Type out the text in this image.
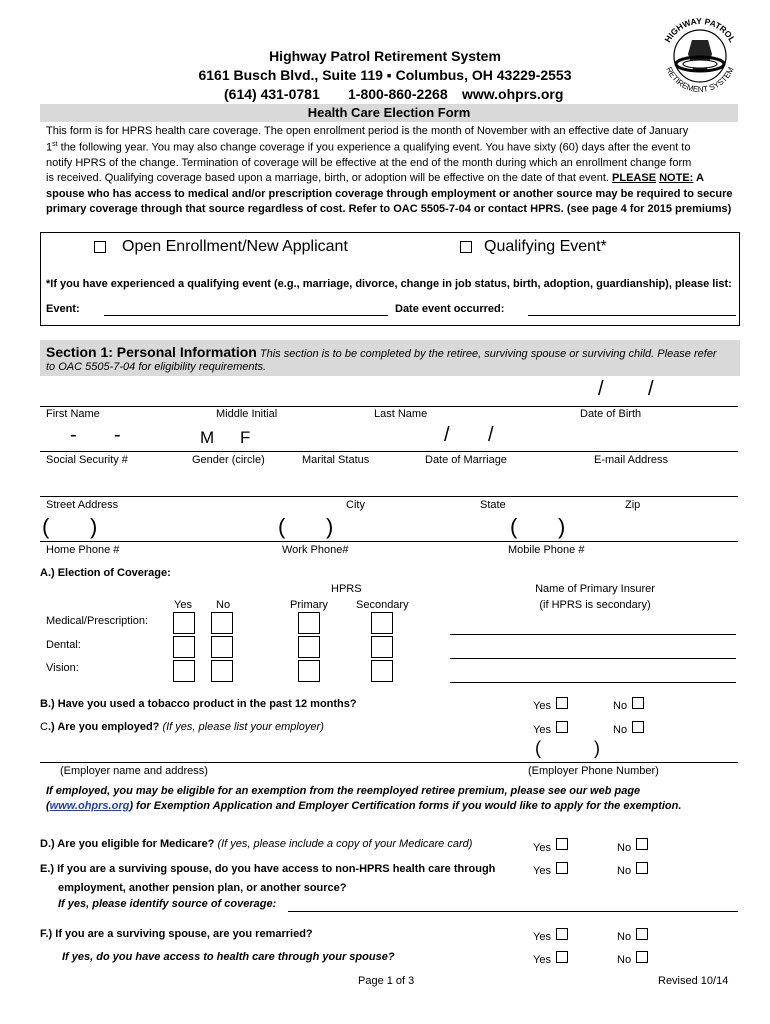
HIGHWAY PATROL
RETIREMENT SYSTEM
Highway Patrol Retirement System
6161 Busch Blvd., Suite 119 ▪ Columbus, OH 43229-2553
(614) 431-0781 1-800-860-2268 www.ohprs.org
Health Care Election Form
This form is for HPRS health care coverage. The open enrollment period is the month of November with an effective date of January
1st the following year. You may also change coverage if you experience a qualifying event. You have sixty (60) days after the event to
notify HPRS of the change. Termination of coverage will be effective at the end of the month during which an enrollment change form
is received. Qualifying coverage based upon a marriage, birth, or adoption will be effective on the date of that event. PLEASE NOTE: A
spouse who has access to medical and/or prescription coverage through employment or another source may be required to secure
primary coverage through that source regardless of cost. Refer to OAC 5505-7-04 or contact HPRS. (see page 4 for 2015 premiums)
Open Enrollment/New Applicant	Qualifying Event*
*If you have experienced a qualifying event (e.g., marriage, divorce, change in job status, birth, adoption, guardianship), please list:
Event:	Date event occurred:
Section 1: Personal Information This section is to be completed by the retiree, surviving spouse or surviving child. Please refer
to OAC 5505-7-04 for eligibility requirements.
/ /
First Name	Middle Initial	Last Name	Date of Birth
- -	M F	/ /
Social Security #	Gender (circle)	Marital Status	Date of Marriage	E-mail Address
Street Address	City	State	Zip
( )	( )	( )
Home Phone #	Work Phone#	Mobile Phone #
A.) Election of Coverage:
HPRS
Yes No	Primary	Secondary
Name of Primary Insurer
(if HPRS is secondary)
Medical/Prescription:
Dental:
Vision:
B.) Have you used a tobacco product in the past 12 months?	Yes	No
C.) Are you employed? (If yes, please list your employer)	Yes	No
(	)
(Employer name and address)	(Employer Phone Number)
If employed, you may be eligible for an exemption from the reemployed retiree premium, please see our web page
(www.ohprs.org) for Exemption Application and Employer Certification forms if you would like to apply for the exemption.
D.) Are you eligible for Medicare? (If yes, please include a copy of your Medicare card)	Yes	No
E.) If you are a surviving spouse, do you have access to non-HPRS health care through	Yes	No
employment, another pension plan, or another source?
If yes, please identify source of coverage:
F.) If you are a surviving spouse, are you remarried?	Yes	No
If yes, do you have access to health care through your spouse?	Yes	No
Page 1 of 3	Revised 10/14
